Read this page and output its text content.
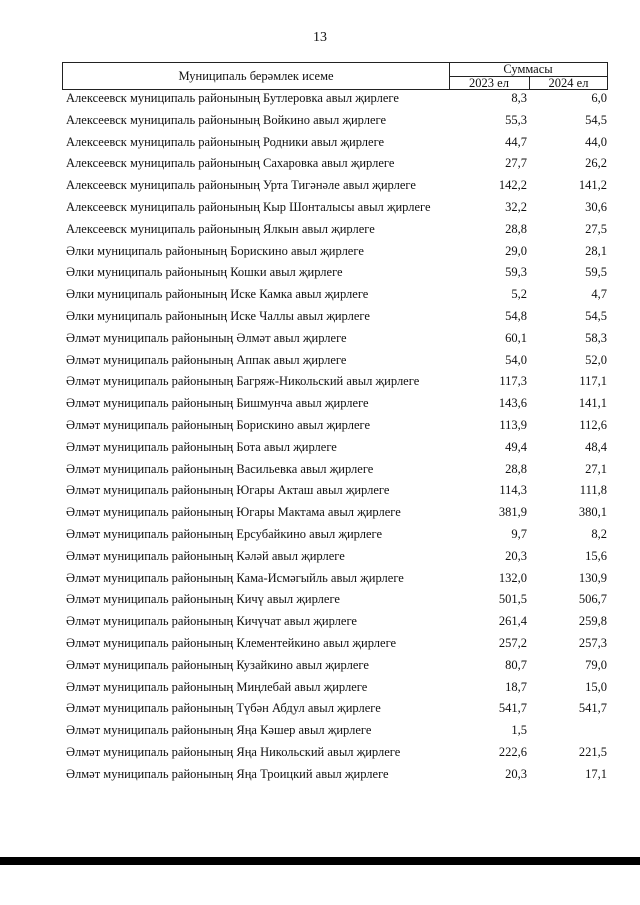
13
Муниципаль берәмлек исеме	Суммасы
2023 ел	2024 ел
Алексеевск муниципаль районының Бутлеровка авыл җирлеге	8,3	6,0
Алексеевск муниципаль районының Войкино авыл җирлеге	55,3	54,5
Алексеевск муниципаль районының Родники авыл җирлеге	44,7	44,0
Алексеевск муниципаль районының Сахаровка авыл җирлеге	27,7	26,2
Алексеевск муниципаль районының Урта Тигәнәле авыл җирлеге	142,2	141,2
Алексеевск муниципаль районының Кыр Шонталысы авыл җирлеге	32,2	30,6
Алексеевск муниципаль районының Ялкын авыл җирлеге	28,8	27,5
Әлки муниципаль районының Борискино авыл җирлеге	29,0	28,1
Әлки муниципаль районының Кошки авыл җирлеге	59,3	59,5
Әлки муниципаль районының Иске Камка авыл җирлеге	5,2	4,7
Әлки муниципаль районының Иске Чаллы авыл җирлеге	54,8	54,5
Әлмәт муниципаль районының Әлмәт авыл җирлеге	60,1	58,3
Әлмәт муниципаль районының Аппак авыл җирлеге	54,0	52,0
Әлмәт муниципаль районының Багряж-Никольский авыл җирлеге	117,3	117,1
Әлмәт муниципаль районының Бишмунча авыл җирлеге	143,6	141,1
Әлмәт муниципаль районының Борискино авыл җирлеге	113,9	112,6
Әлмәт муниципаль районының Бота авыл җирлеге	49,4	48,4
Әлмәт муниципаль районының Васильевка авыл җирлеге	28,8	27,1
Әлмәт муниципаль районының Югары Акташ авыл җирлеге	114,3	111,8
Әлмәт муниципаль районының Югары Мактама авыл җирлеге	381,9	380,1
Әлмәт муниципаль районының Ерсубайкино авыл җирлеге	9,7	8,2
Әлмәт муниципаль районының Кәләй авыл җирлеге	20,3	15,6
Әлмәт муниципаль районының Кама-Исмәгыйль авыл җирлеге	132,0	130,9
Әлмәт муниципаль районының Кичү авыл җирлеге	501,5	506,7
Әлмәт муниципаль районының Кичүчат авыл җирлеге	261,4	259,8
Әлмәт муниципаль районының Клементейкино авыл җирлеге	257,2	257,3
Әлмәт муниципаль районының Кузайкино авыл җирлеге	80,7	79,0
Әлмәт муниципаль районының Миңлебай авыл җирлеге	18,7	15,0
Әлмәт муниципаль районының Түбән Абдул авыл җирлеге	541,7	541,7
Әлмәт муниципаль районының Яңа Кәшер авыл җирлеге	1,5
Әлмәт муниципаль районының Яңа Никольский авыл җирлеге	222,6	221,5
Әлмәт муниципаль районының Яңа Троицкий авыл җирлеге	20,3	17,1
